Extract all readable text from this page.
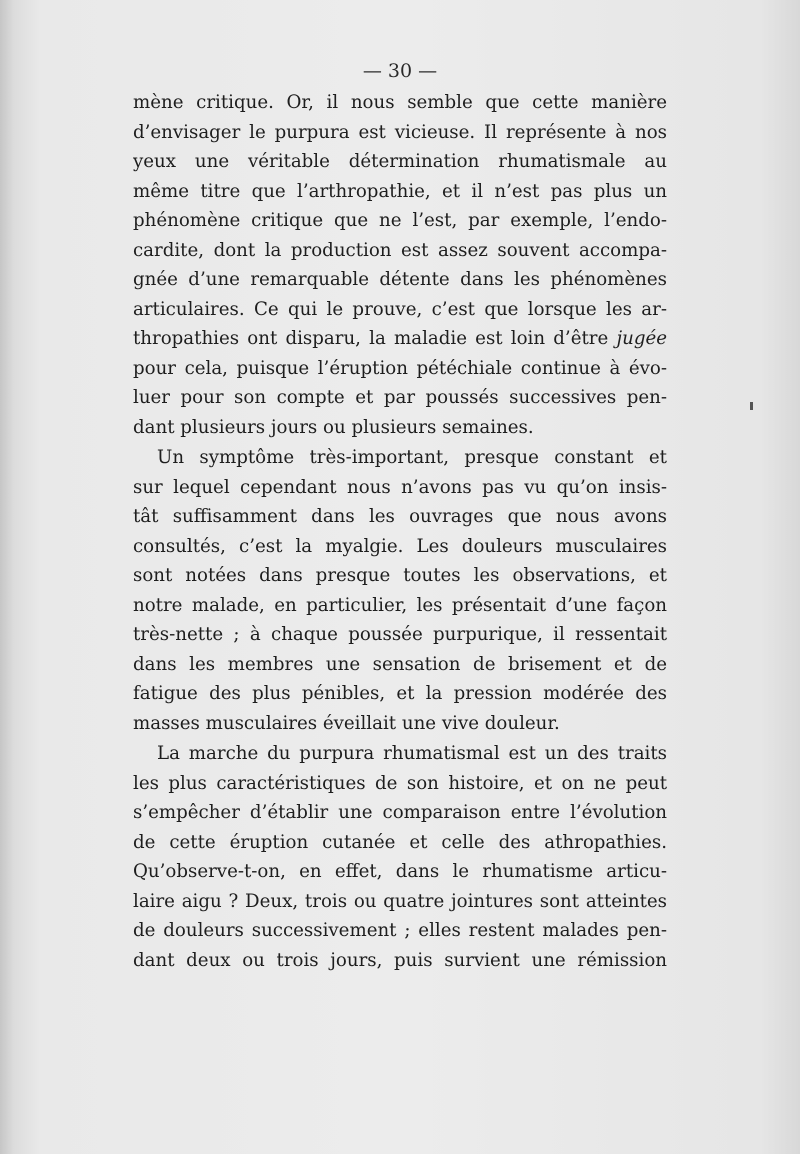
— 30 —
mène critique. Or, il nous semble que cette manière
d’envisager le purpura est vicieuse. Il représente à nos
yeux une véritable détermination rhumatismale au
même titre que l’arthropathie, et il n’est pas plus un
phénomène critique que ne l’est, par exemple, l’endo-
cardite, dont la production est assez souvent accompa-
gnée d’une remarquable détente dans les phénomènes
articulaires. Ce qui le prouve, c’est que lorsque les ar-
thropathies ont disparu, la maladie est loin d’être jugée
pour cela, puisque l’éruption pétéchiale continue à évo-
luer pour son compte et par poussés successives pen-
dant plusieurs jours ou plusieurs semaines.
Un symptôme très-important, presque constant et
sur lequel cependant nous n’avons pas vu qu’on insis-
tât suffisamment dans les ouvrages que nous avons
consultés, c’est la myalgie. Les douleurs musculaires
sont notées dans presque toutes les observations, et
notre malade, en particulier, les présentait d’une façon
très-nette ; à chaque poussée purpurique, il ressentait
dans les membres une sensation de brisement et de
fatigue des plus pénibles, et la pression modérée des
masses musculaires éveillait une vive douleur.
La marche du purpura rhumatismal est un des traits
les plus caractéristiques de son histoire, et on ne peut
s’empêcher d’établir une comparaison entre l’évolution
de cette éruption cutanée et celle des athropathies.
Qu’observe-t-on, en effet, dans le rhumatisme articu-
laire aigu ? Deux, trois ou quatre jointures sont atteintes
de douleurs successivement ; elles restent malades pen-
dant deux ou trois jours, puis survient une rémission
